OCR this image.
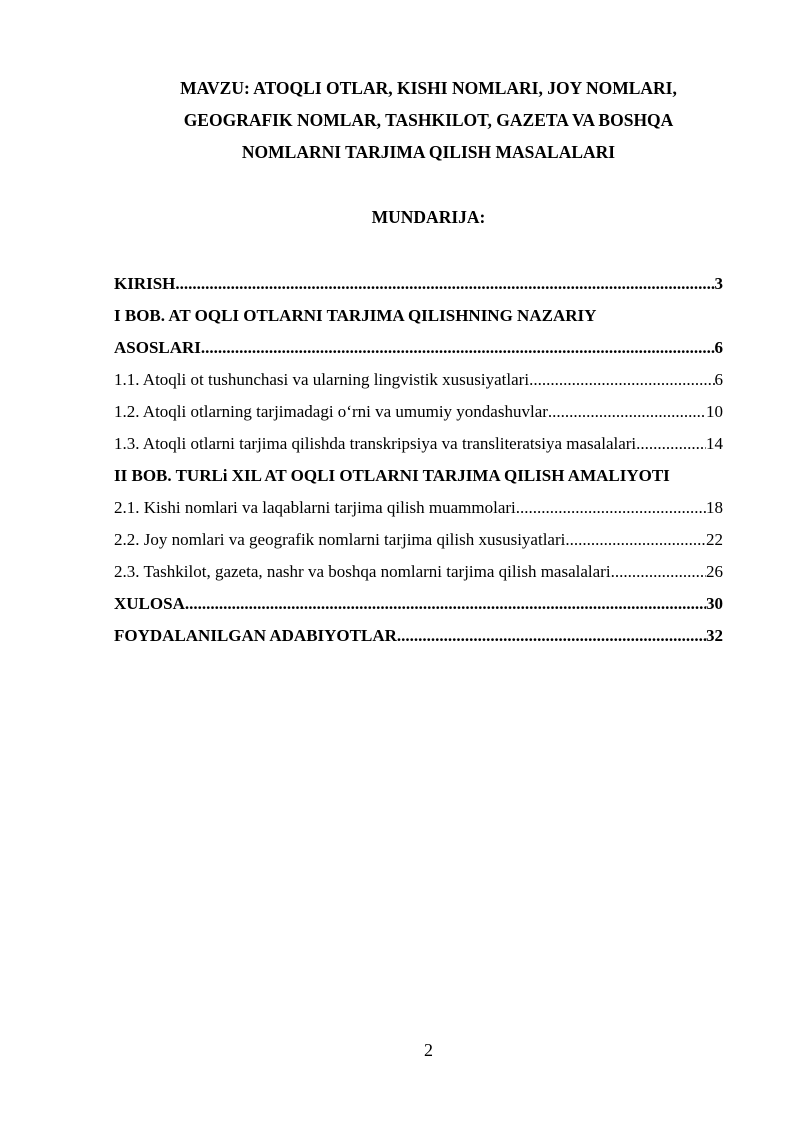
MAVZU: ATOQLI OTLAR, KISHI NOMLARI, JOY NOMLARI,
GEOGRAFIK NOMLAR, TASHKILOT, GAZETA VA BOSHQA
NOMLARNI TARJIMA QILISH MASALALARI
MUNDARIJA:
KIRISH .....	3
I BOB. AT OQLI OTLARNI TARJIMA QILISHNING NAZARIY
ASOSLARI .....	6
1.1. Atoqli ot tushunchasi va ularning lingvistik xususiyatlari .....	6
1.2. Atoqli otlarning tarjimadagi o‘rni va umumiy yondashuvlar .....	10
1.3. Atoqli otlarni tarjima qilishda transkripsiya va transliteratsiya masalalari .....	14
II BOB. TURLi XIL AT OQLI OTLARNI TARJIMA QILISH AMALIYOTI
2.1. Kishi nomlari va laqablarni tarjima qilish muammolari .....	18
2.2. Joy nomlari va geografik nomlarni tarjima qilish xususiyatlari .....	22
2.3. Tashkilot, gazeta, nashr va boshqa nomlarni tarjima qilish masalalari .....	26
XULOSA .....	30
FOYDALANILGAN ADABIYOTLAR .....	32
2
